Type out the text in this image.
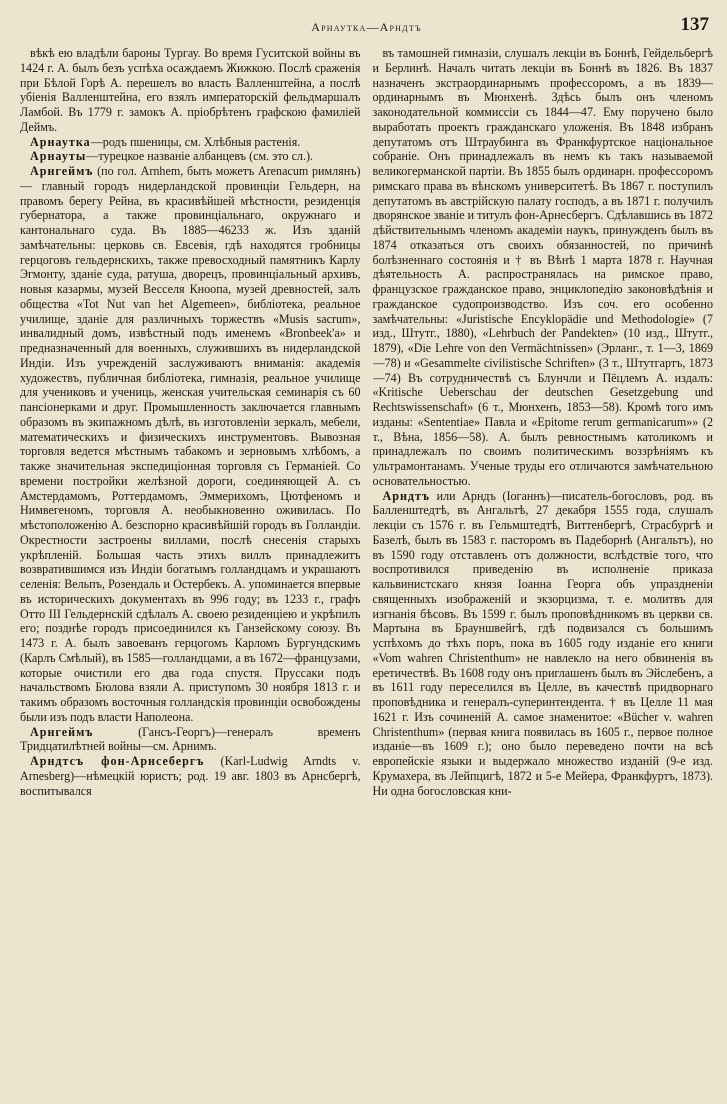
Арнаутка—Арндтъ	137

вѣкѣ ею владѣли бароны Тургау. Во время Гуситской войны въ 1424 г. А. былъ безъ успѣха осаждаемъ Жижкою. Послѣ сраженія при Бѣлой Горѣ А. перешелъ во власть Валленштейна, а послѣ убіенія Валленштейна, его взялъ императорскій фельдмаршалъ Ламбой. Въ 1779 г. замокъ А. пріобрѣтенъ графскою фамиліей Деймъ.

Арнаутка—родъ пшеницы, см. Хлѣбныя растенія.

Арнауты—турецкое названіе албанцевъ (см. это сл.).

Арнгеймъ (по гол. Arnhem, быть можетъ Arenacum римлянъ) — главный городъ нидерландской провинціи Гельдерн, на правомъ берегу Рейна, въ красивѣйшей мѣстности, резиденція губернатора, а также провинціальнаго, окружнаго и кантональнаго суда. Въ 1885—46233 ж. Изъ зданій замѣчательны: церковь св. Евсевія, гдѣ находятся гробницы герцоговъ гельдернскихъ, также превосходный памятникъ Карлу Эгмонту, зданіе суда, ратуша, дворецъ, провинціальный архивъ, новыя казармы, музей Весселя Кноопа, музей древностей, залъ общества «Tot Nut van het Algemeen», библіотека, реальное училище, зданіе для различныхъ торжествъ «Musis sacrum», инвалидный домъ, извѣстный подъ именемъ «Bronbeek'a» и предназначенный для военныхъ, служившихъ въ нидерландской Индіи. Изъ учрежденій заслуживаютъ вниманія: академія художествъ, публичная библіотека, гимназія, реальное училище для учениковъ и учениць, женская учительская семинарія съ 60 пансіонерками и друг. Промышленность заключается главнымъ образомъ въ экипажномъ дѣлѣ, въ изготовленіи зеркалъ, мебели, математическихъ и физическихъ инструментовъ. Вывозная торговля ведется мѣстнымъ табакомъ и зерновымъ хлѣбомъ, а также значительная экспедиціонная торговля съ Германіей. Со времени постройки желѣзной дороги, соединяющей А. съ Амстердамомъ, Роттердамомъ, Эммерихомъ, Цютфеномъ и Нимвегеномъ, торговля А. необыкновенно оживилась. По мѣстоположенію А. безспорно красивѣйшій городъ въ Голландіи. Окрестности застроены виллами, послѣ снесенія старыхъ укрѣпленій. Большая часть этихъ виллъ принадлежитъ возвратившимся изъ Индіи богатымъ голландцамъ и украшаютъ селенія: Вельпъ, Розендаль и Остербекъ. А. упоминается впервые въ историческихъ документахъ въ 996 году; въ 1233 г., графъ Отто III Гельдернскій сдѣлалъ А. своею резиденціею и укрѣпилъ его; позднѣе городъ присоединился къ Ганзейскому союзу. Въ 1473 г. А. былъ завоеванъ герцогомъ Карломъ Бургундскимъ (Карлъ Смѣлый), въ 1585—голландцами, а въ 1672—французами, которые очистили его два года спустя. Пруссаки подъ начальствомъ Бюлова взяли А. приступомъ 30 ноября 1813 г. и такимъ образомъ восточныя голландскія провинціи освобождены были изъ подъ власти Наполеона.

Арнгеймъ (Гансъ-Георгъ)—генералъ временъ Тридцатилѣтней войны—см. Арнимъ.

Арндтсъ фон-Арнсебергъ (Karl-Ludwig Arndts v. Arnesberg)—нѣмецкій юристъ; род. 19 авг. 1803 въ Арнсбергѣ, воспитывался

въ тамошней гимназіи, слушалъ лекціи въ Боннѣ, Гейдельбергѣ и Берлинѣ. Началъ читать лекціи въ Боннѣ въ 1826. Въ 1837 назначенъ экстраординарнымъ профессоромъ, а въ 1839—ординарнымъ въ Мюнхенѣ. Здѣсь былъ онъ членомъ законодательной коммиссіи съ 1844—47. Ему поручено было выработать проектъ гражданскаго уложенія. Въ 1848 избранъ депутатомъ отъ Штраубинга въ Франкфуртское національное собраніе. Онъ принадлежалъ въ немъ къ такъ называемой великогерманской партіи. Въ 1855 былъ ординарн. профессоромъ римскаго права въ вѣнскомъ университетѣ. Въ 1867 г. поступилъ депутатомъ въ австрійскую палату господъ, а въ 1871 г. получилъ дворянское званіе и титулъ фон-Арнесбергъ. Сдѣлавшись въ 1872 дѣйствительнымъ членомъ академіи наукъ, принужденъ былъ въ 1874 отказаться отъ своихъ обязанностей, по причинѣ болѣзненнаго состоянія и † въ Вѣнѣ 1 марта 1878 г. Научная дѣятельность А. распространялась на римское право, французское гражданское право, энциклопедію законовѣдѣнія и гражданское судопроизводство. Изъ соч. его особенно замѣчательны: «Juristische Encyklopädie und Methodologie» (7 изд., Штутг., 1880), «Lehrbuch der Pandekten» (10 изд., Штутг., 1879), «Die Lehre von den Vermächtnissen» (Эрланг., т. 1—3, 1869—78) и «Gesammelte civilistische Schriften» (3 т., Штутгартъ, 1873—74) Въ сотрудничествѣ съ Блунчли и Пёцлемъ А. издалъ: «Kritische Ueberschau der deutschen Gesetzgebung und Rechtswissenschaft» (6 т., Мюнхенъ, 1853—58). Кромѣ того имъ изданы: «Sententiae» Павла и «Epitome rerum germanicarum»» (2 т., Вѣна, 1856—58). А. былъ ревностнымъ католикомъ и принадлежалъ по своимъ политическимъ воззрѣніямъ къ ультрамонтанамъ. Ученые труды его отличаются замѣчательною основательностью.

Арндтъ или Арндъ (Іоганнъ)—писатель-богословъ, род. въ Балленштедтѣ, въ Ангальтѣ, 27 декабря 1555 года, слушалъ лекціи съ 1576 г. въ Гельмштедтѣ, Виттенбергѣ, Страсбургѣ и Базелѣ, былъ въ 1583 г. пасторомъ въ Падеборнѣ (Ангальтъ), но въ 1590 году отставленъ отъ должности, вслѣдствіе того, что воспротивился приведенію въ исполненіе приказа кальвинистскаго князя Іоанна Георга объ упраздненіи священныхъ изображеній и экзорцизма, т. е. молитвъ для изгнанія бѣсовъ. Въ 1599 г. былъ проповѣдникомъ въ церкви св. Мартына въ Брауншвейгѣ, гдѣ подвизался съ большимъ успѣхомъ до тѣхъ поръ, пока въ 1605 году изданіе его книги «Vom wahren Christenthum» не навлекло на него обвиненія въ еретичествѣ. Въ 1608 году онъ приглашенъ былъ въ Эйслебенъ, а въ 1611 году переселился въ Целле, въ качествѣ придворнаго проповѣдника и генералъ-суперинтендента. † въ Целле 11 мая 1621 г. Изъ сочиненій А. самое знаменитое: «Bücher v. wahren Christenthum» (первая книга появилась въ 1605 г., первое полное изданіе—въ 1609 г.); оно было переведено почти на всѣ европейскіе языки и выдержало множество изданій (9-е изд. Крумахера, въ Лейпцигѣ, 1872 и 5-е Мейера, Франкфуртъ, 1873). Ни одна богословская кни-
